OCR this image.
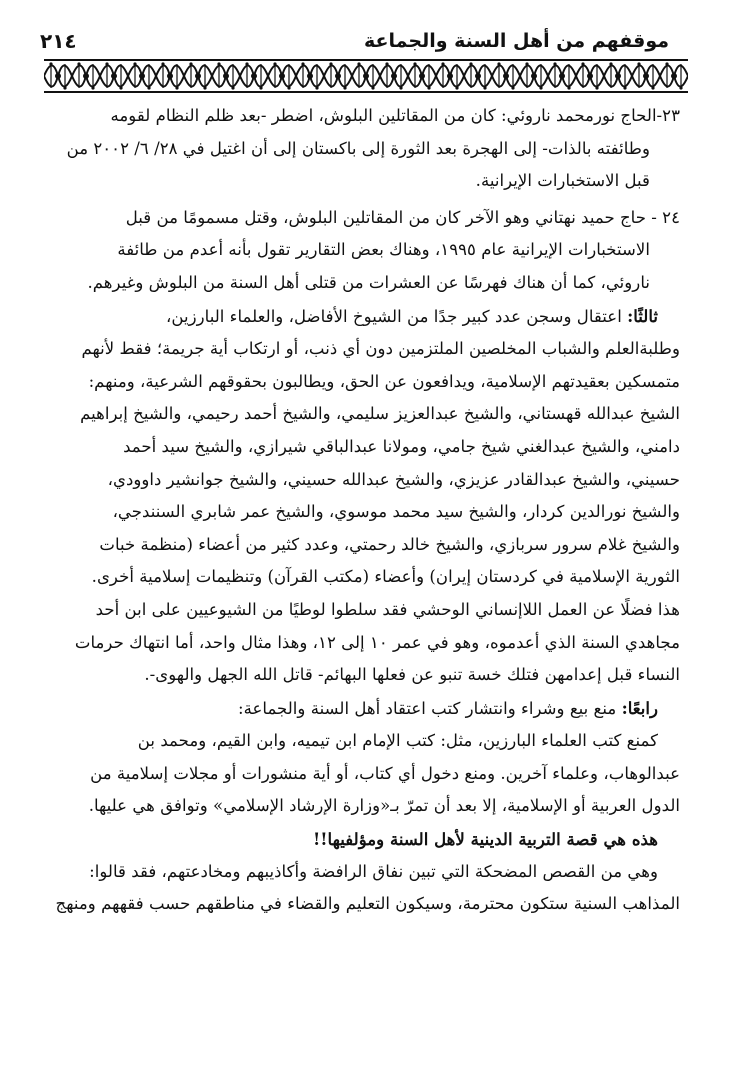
٢١٤	موقفهم من أهل السنة والجماعة

٢٣-الحاج نورمحمد ناروئي: كان من المقاتلين البلوش، اضطر -بعد ظلم النظام لقومه

وطائفته بالذات- إلى الهجرة بعد الثورة إلى باكستان إلى أن اغتيل في ٢٨/ ٦/ ٢٠٠٢ من

قبل الاستخبارات الإيرانية.

٢٤ - حاج حميد نهتاني وهو الآخر كان من المقاتلين البلوش، وقتل مسمومًا من قبل

الاستخبارات الإيرانية عام ١٩٩٥، وهناك بعض التقارير تقول بأنه أعدم من طائفة

ناروئي، كما أن هناك فهرسًا عن العشرات من قتلى أهل السنة من البلوش وغيرهم.

ثالثًا: اعتقال وسجن عدد كبير جدًا من الشيوخ الأفاضل، والعلماء البارزين،

وطلبةالعلم والشباب المخلصين الملتزمين دون أي ذنب، أو ارتكاب أية جريمة؛ فقط لأنهم

متمسكين بعقيدتهم الإسلامية، ويدافعون عن الحق، ويطالبون بحقوقهم الشرعية، ومنهم:

الشيخ عبدالله قهستاني، والشيخ عبدالعزيز سليمي، والشيخ أحمد رحيمي، والشيخ إبراهيم

دامني، والشيخ عبدالغني شيخ جامي، ومولانا عبدالباقي شيرازي، والشيخ سيد أحمد

حسيني، والشيخ عبدالقادر عزيزي، والشيخ عبدالله حسيني، والشيخ جوانشير داوودي،

والشيخ نورالدين كردار، والشيخ سيد محمد موسوي، والشيخ عمر شابري السنندجي،

والشيخ غلام سرور سربازي، والشيخ خالد رحمتي، وعدد كثير من أعضاء (منظمة خبات

الثورية الإسلامية في كردستان إيران) وأعضاء (مكتب القرآن) وتنظيمات إسلامية أخرى.

هذا فضلًا عن العمل اللاإنساني الوحشي فقد سلطوا لوطيًا من الشيوعيين على ابن أحد

مجاهدي السنة الذي أعدموه، وهو في عمر ١٠ إلى ١٢، وهذا مثال واحد، أما انتهاك حرمات

النساء قبل إعدامهن فتلك خسة تنبو عن فعلها البهائم- قاتل الله الجهل والهوى-.

رابعًا: منع بيع وشراء وانتشار كتب اعتقاد أهل السنة والجماعة:

كمنع كتب العلماء البارزين، مثل: كتب الإمام ابن تيميه، وابن القيم، ومحمد بن

عبدالوهاب، وعلماء آخرين. ومنع دخول أي كتاب، أو أية منشورات أو مجلات إسلامية من

الدول العربية أو الإسلامية، إلا بعد أن تمرّ بـ«وزارة الإرشاد الإسلامي» وتوافق هي عليها.

هذه هي قصة التربية الدينية لأهل السنة ومؤلفيها!!

وهي من القصص المضحكة التي تبين نفاق الرافضة وأكاذيبهم ومخادعتهم، فقد قالوا:

المذاهب السنية ستكون محترمة، وسيكون التعليم والقضاء في مناطقهم حسب فقههم ومنهج
